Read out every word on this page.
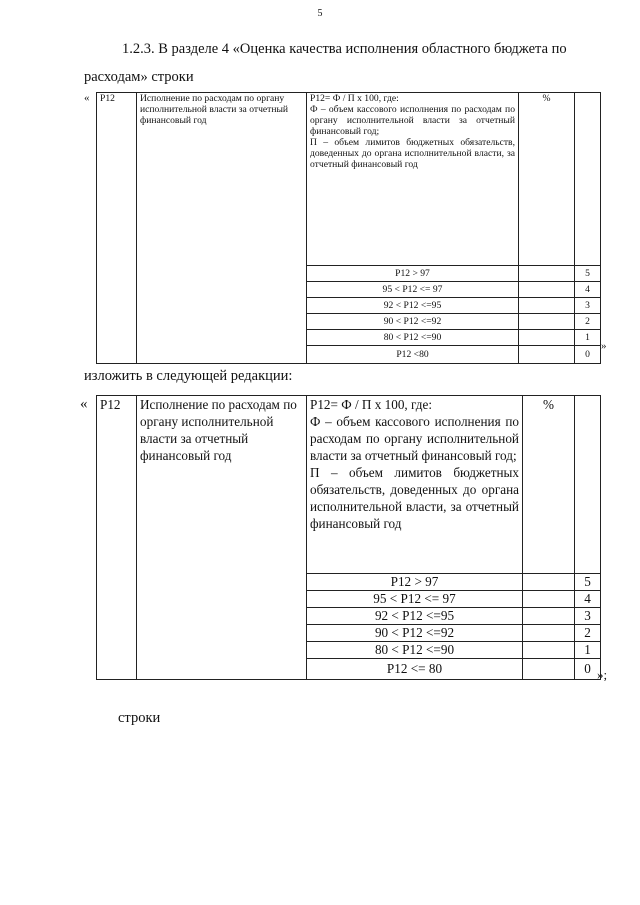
5
1.2.3. В разделе 4 «Оценка качества исполнения областного бюджета по
расходам» строки
« P12	Исполнение по расходам по органу исполнительной власти за отчетный финансовый год	P12= Ф / П х 100, где:
Ф – объем кассового исполнения по расходам по органу исполнительной власти за отчетный финансовый год;
П – объем лимитов бюджетных обязательств, доведенных до органа исполнительной власти, за отчетный финансовый год	%	
		P12 > 97		5
		95 < P12 <= 97		4
		92 < P12 <=95		3
		90 < P12 <=92		2
		80 < P12 <=90		1
		P12 <80		0
»
изложить в следующей редакции:
« P12	Исполнение по расходам по органу исполнительной власти за отчетный финансовый год	P12= Ф / П х 100, где:
Ф – объем кассового исполнения по расходам по органу исполнительной власти за отчетный финансовый год;
П – объем лимитов бюджетных обязательств, доведенных до органа исполнительной власти, за отчетный финансовый год	%	
		P12 > 97		5
		95 < P12 <= 97		4
		92 < P12 <=95		3
		90 < P12 <=92		2
		80 < P12 <=90		1
		P12 <= 80		0 »;
строки
